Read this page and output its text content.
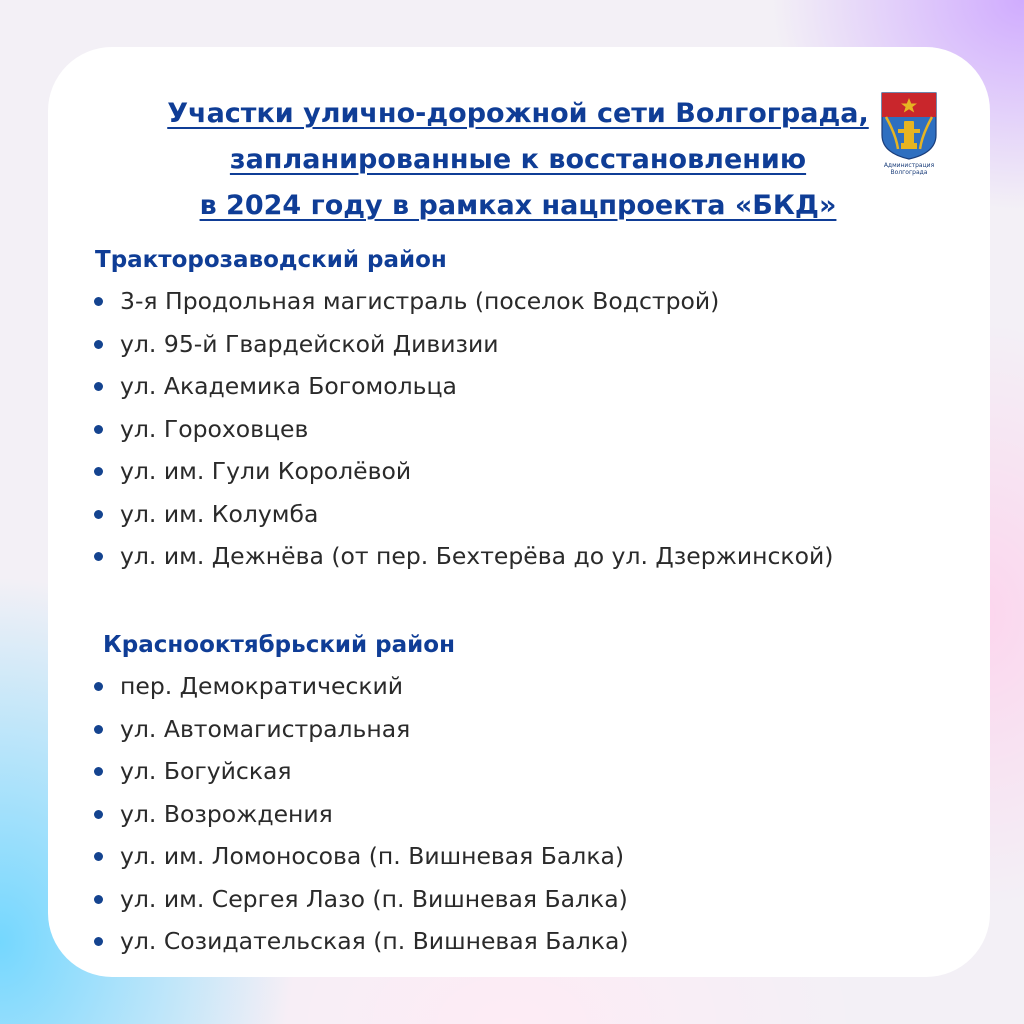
Участки улично-дорожной сети Волгограда,
запланированные к восстановлению
в 2024 году в рамках нацпроекта «БКД»
Администрация
Волгограда
Тракторозаводский район
3-я Продольная магистраль (поселок Водстрой)
ул. 95-й Гвардейской Дивизии
ул. Академика Богомольца
ул. Гороховцев
ул. им. Гули Королёвой
ул. им. Колумба
ул. им. Дежнёва (от пер. Бехтерёва до ул. Дзержинской)
Краснооктябрьский район
пер. Демократический
ул. Автомагистральная
ул. Богуйская
ул. Возрождения
ул. им. Ломоносова (п. Вишневая Балка)
ул. им. Сергея Лазо (п. Вишневая Балка)
ул. Созидательская (п. Вишневая Балка)
